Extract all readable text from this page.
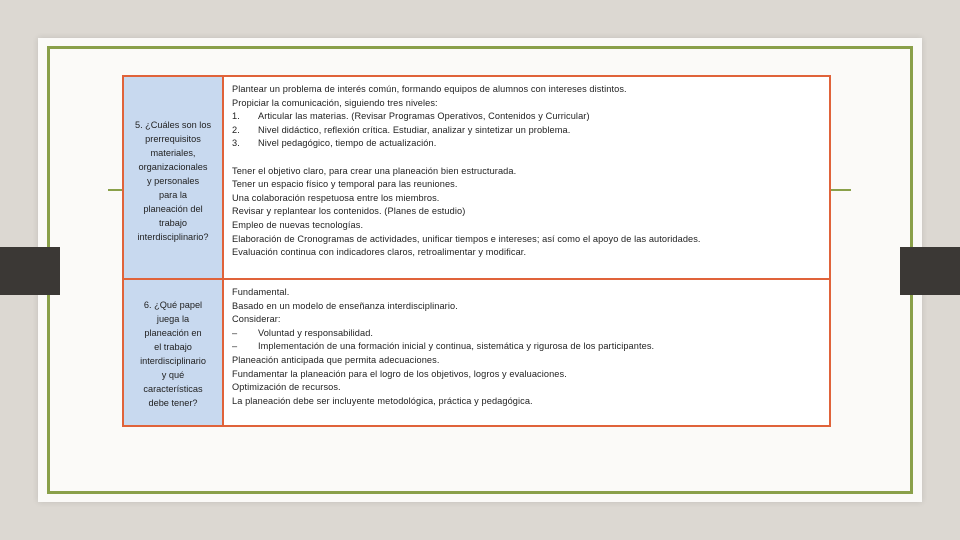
5. ¿Cuáles son los
prerrequisitos
materiales,
organizacionales
y personales
para la
planeación del
trabajo
interdisciplinario?
Plantear un problema de interés común, formando equipos de alumnos con intereses distintos.
Propiciar la comunicación, siguiendo tres niveles:
1. Articular las materias. (Revisar Programas Operativos, Contenidos y Curricular)
2. Nivel didáctico, reflexión crítica. Estudiar, analizar y sintetizar un problema.
3. Nivel pedagógico, tiempo de actualización.
Tener el objetivo claro, para crear una planeación bien estructurada.
Tener un espacio físico y temporal para las reuniones.
Una colaboración respetuosa entre los miembros.
Revisar y replantear los contenidos. (Planes de estudio)
Empleo de nuevas tecnologías.
Elaboración de Cronogramas de actividades, unificar tiempos e intereses; así como el apoyo de las autoridades.
Evaluación continua con indicadores claros, retroalimentar y modificar.
6. ¿Qué papel
juega la
planeación en
el trabajo
interdisciplinario
y qué
características
debe tener?
Fundamental.
Basado en un modelo de enseñanza interdisciplinario.
Considerar:
– Voluntad y responsabilidad.
– Implementación de una formación inicial y continua, sistemática y rigurosa de los participantes.
Planeación anticipada que permita adecuaciones.
Fundamentar la planeación para el logro de los objetivos, logros y evaluaciones.
Optimización de recursos.
La planeación debe ser incluyente metodológica, práctica y pedagógica.
